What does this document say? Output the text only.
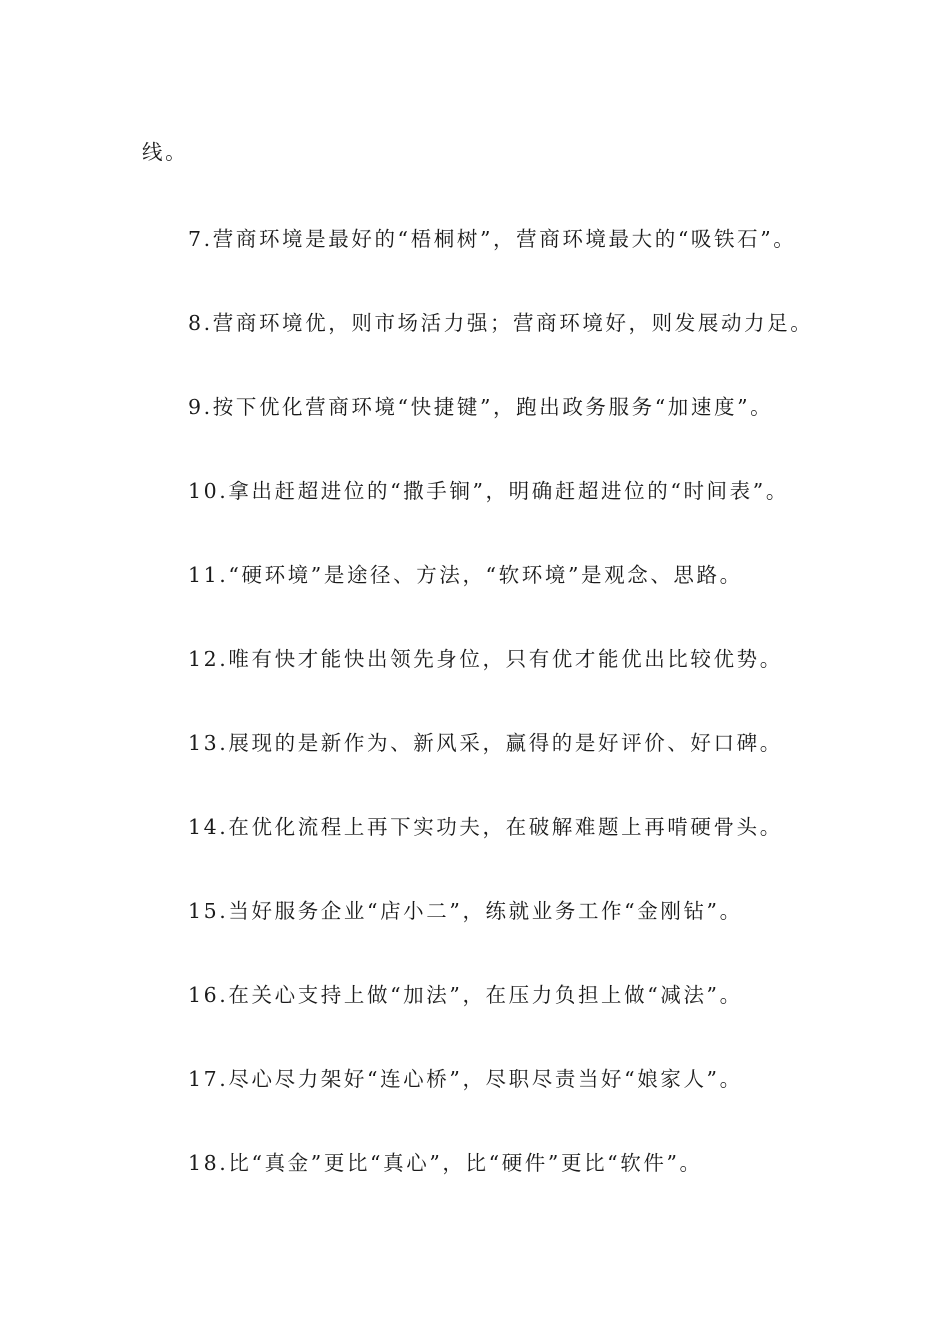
线。
7.营商环境是最好的“梧桐树”，营商环境最大的“吸铁石”。
8.营商环境优，则市场活力强；营商环境好，则发展动力足。
9.按下优化营商环境“快捷键”，跑出政务服务“加速度”。
10.拿出赶超进位的“撒手锏”，明确赶超进位的“时间表”。
11.“硬环境”是途径、方法，“软环境”是观念、思路。
12.唯有快才能快出领先身位，只有优才能优出比较优势。
13.展现的是新作为、新风采，赢得的是好评价、好口碑。
14.在优化流程上再下实功夫，在破解难题上再啃硬骨头。
15.当好服务企业“店小二”，练就业务工作“金刚钻”。
16.在关心支持上做“加法”，在压力负担上做“减法”。
17.尽心尽力架好“连心桥”，尽职尽责当好“娘家人”。
18.比“真金”更比“真心”，比“硬件”更比“软件”。
